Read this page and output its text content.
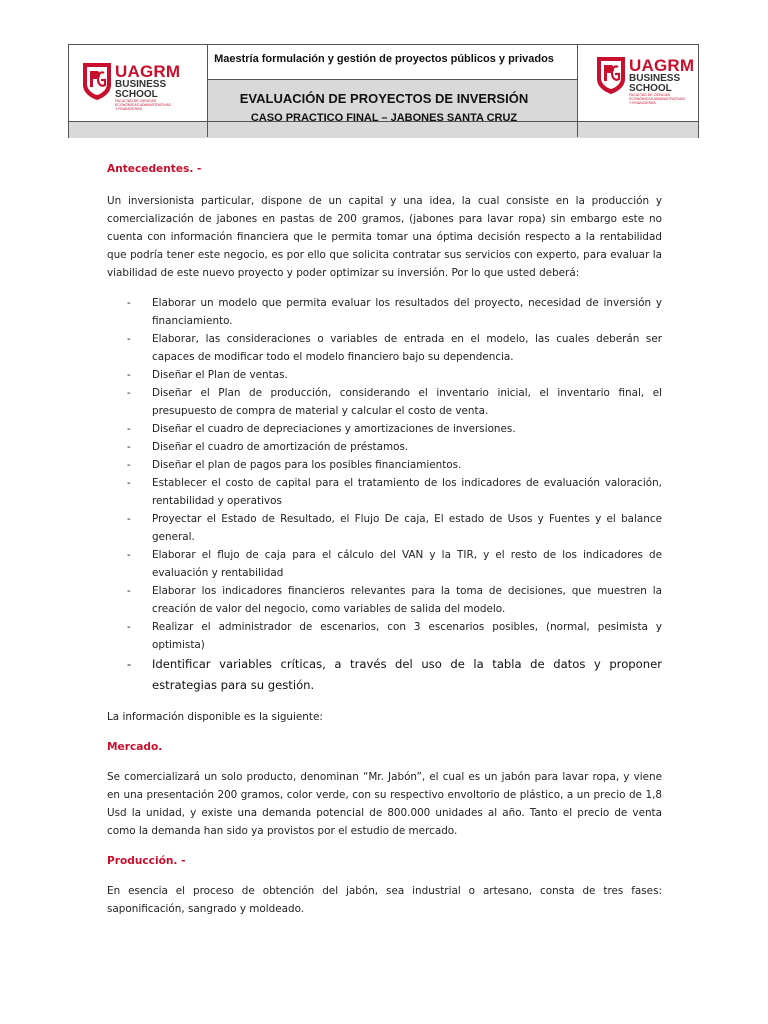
Maestría formulación y gestión de proyectos públicos y privados
EVALUACIÓN DE PROYECTOS DE INVERSIÓN
CASO PRACTICO FINAL – JABONES SANTA CRUZ
UAGRM
BUSINESS
SCHOOL
FACULTAD DE CIENCIAS ECONÓMICAS ADMINISTRATIVAS Y FINANCIERAS
UAGRM
BUSINESS
SCHOOL
FACULTAD DE CIENCIAS ECONÓMICAS ADMINISTRATIVAS Y FINANCIERAS
Antecedentes. -

Un inversionista particular, dispone de un capital y una idea, la cual consiste en la producción y comercialización de jabones en pastas de 200 gramos, (jabones para lavar ropa) sin embargo este no cuenta con información financiera que le permita tomar una óptima decisión respecto a la rentabilidad que podría tener este negocio, es por ello que solicita contratar sus servicios con experto, para evaluar la viabilidad de este nuevo proyecto y poder optimizar su inversión. Por lo que usted deberá:

- Elaborar un modelo que permita evaluar los resultados del proyecto, necesidad de inversión y financiamiento.
- Elaborar, las consideraciones o variables de entrada en el modelo, las cuales deberán ser capaces de modificar todo el modelo financiero bajo su dependencia.
- Diseñar el Plan de ventas.
- Diseñar el Plan de producción, considerando el inventario inicial, el inventario final, el presupuesto de compra de material y calcular el costo de venta.
- Diseñar el cuadro de depreciaciones y amortizaciones de inversiones.
- Diseñar el cuadro de amortización de préstamos.
- Diseñar el plan de pagos para los posibles financiamientos.
- Establecer el costo de capital para el tratamiento de los indicadores de evaluación valoración, rentabilidad y operativos
- Proyectar el Estado de Resultado, el Flujo De caja, El estado de Usos y Fuentes y el balance general.
- Elaborar el flujo de caja para el cálculo del VAN y la TIR, y el resto de los indicadores de evaluación y rentabilidad
- Elaborar los indicadores financieros relevantes para la toma de decisiones, que muestren la creación de valor del negocio, como variables de salida del modelo.
- Realizar el administrador de escenarios, con 3 escenarios posibles, (normal, pesimista y optimista)
- Identificar variables críticas, a través del uso de la tabla de datos y proponer estrategias para su gestión.

La información disponible es la siguiente:

Mercado.

Se comercializará un solo producto, denominan “Mr. Jabón”, el cual es un jabón para lavar ropa, y viene en una presentación 200 gramos, color verde, con su respectivo envoltorio de plástico, a un precio de 1,8 Usd la unidad, y existe una demanda potencial de 800.000 unidades al año. Tanto el precio de venta como la demanda han sido ya provistos por el estudio de mercado.

Producción. -

En esencia el proceso de obtención del jabón, sea industrial o artesano, consta de tres fases: saponificación, sangrado y moldeado.
